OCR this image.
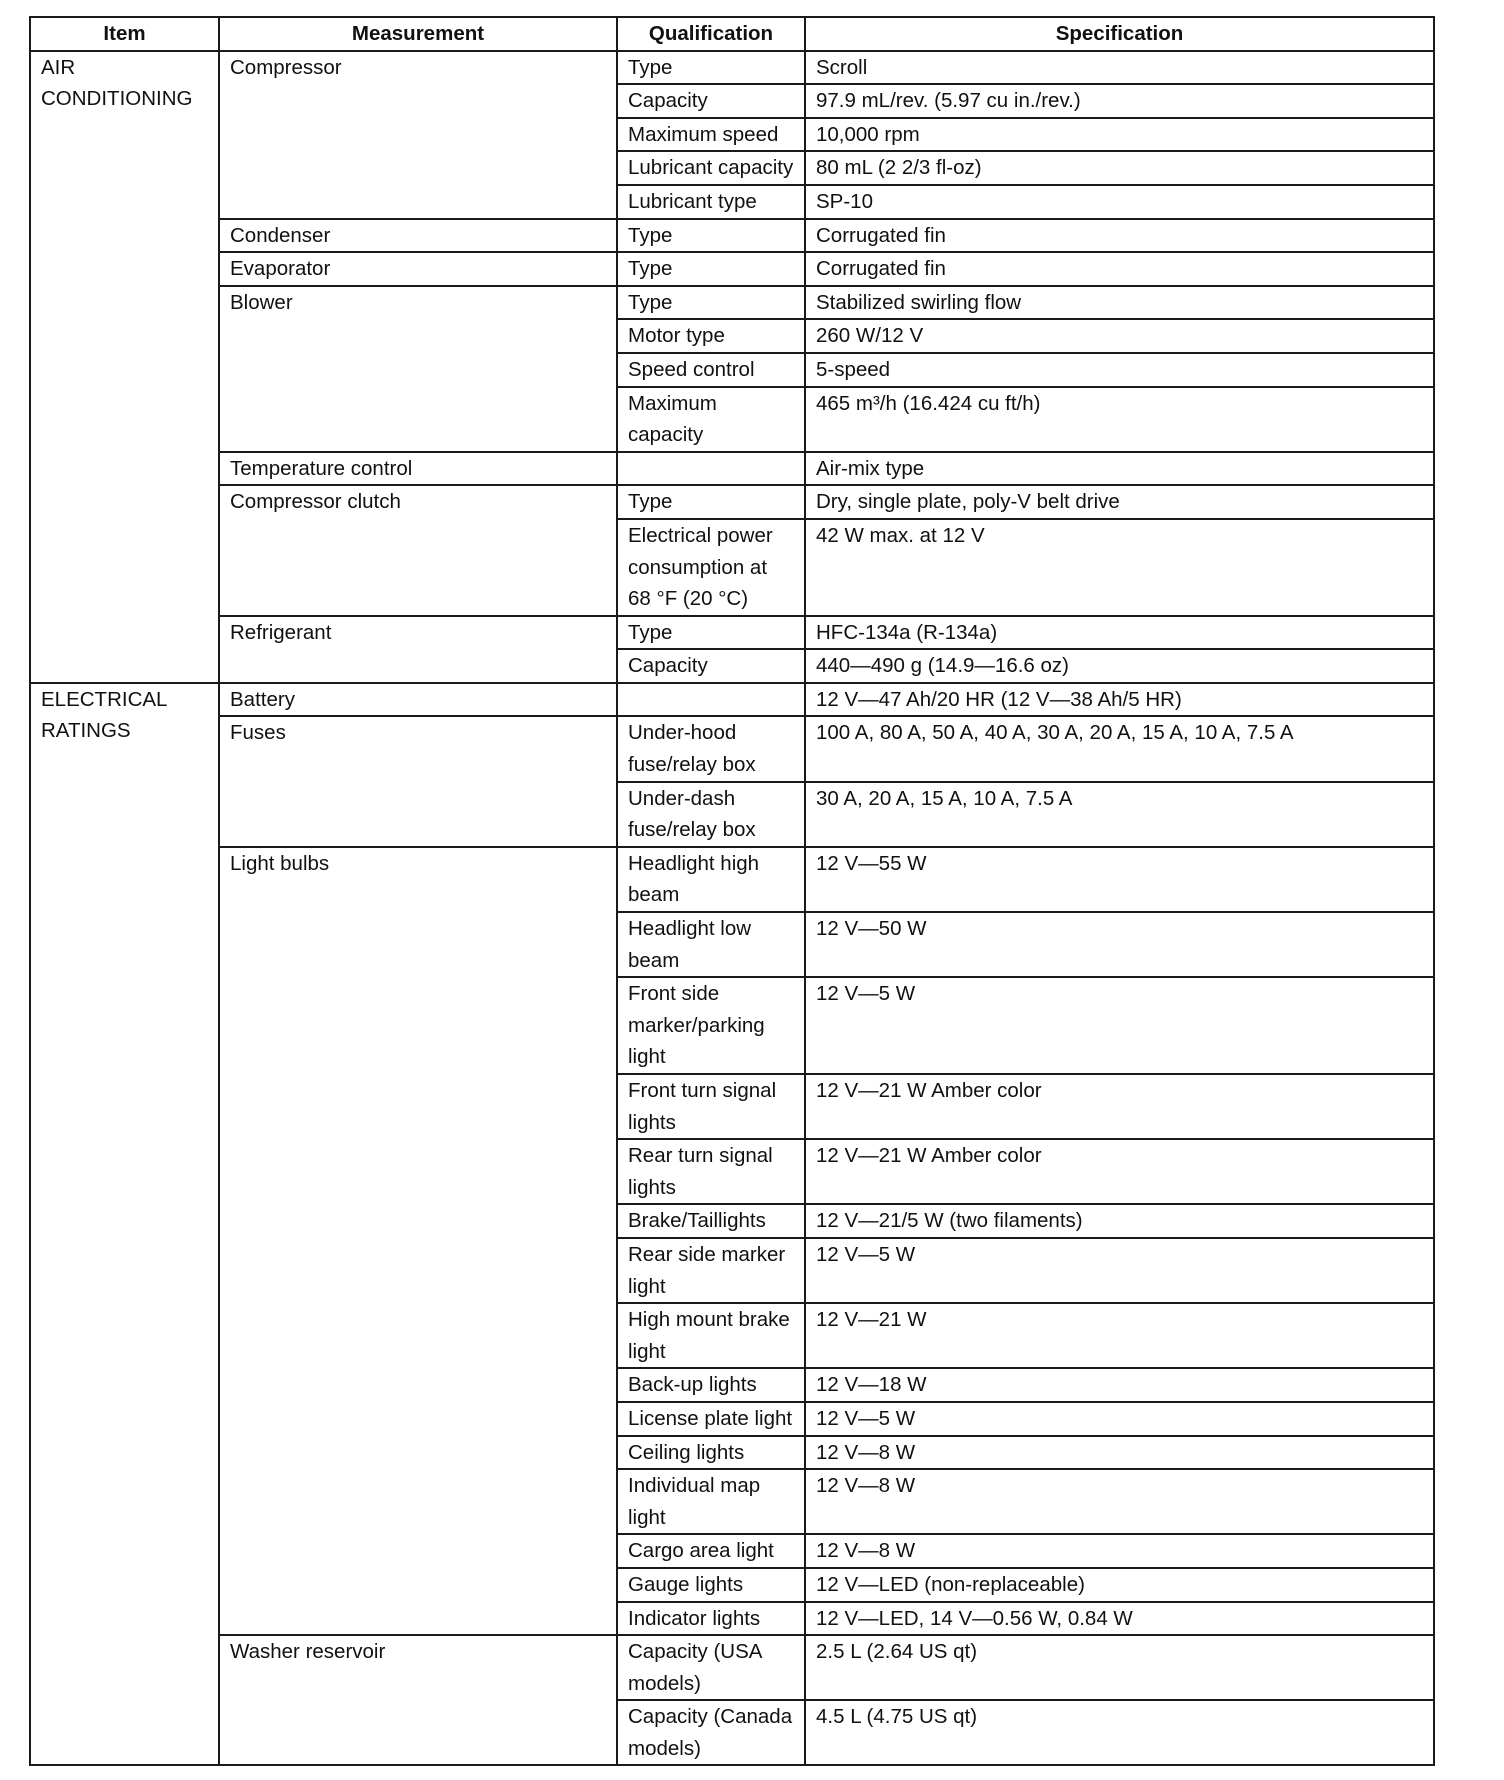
Item	Measurement	Qualification	Specification
AIR CONDITIONING	Compressor	Type	Scroll
		Capacity	97.9 mL/rev. (5.97 cu in./rev.)
		Maximum speed	10,000 rpm
		Lubricant capacity	80 mL (2 2/3 fl-oz)
		Lubricant type	SP-10
	Condenser	Type	Corrugated fin
	Evaporator	Type	Corrugated fin
	Blower	Type	Stabilized swirling flow
		Motor type	260 W/12 V
		Speed control	5-speed
		Maximum capacity	465 m³/h (16.424 cu ft/h)
	Temperature control		Air-mix type
	Compressor clutch	Type	Dry, single plate, poly-V belt drive
		Electrical power consumption at 68 °F (20 °C)	42 W max. at 12 V
	Refrigerant	Type	HFC-134a (R-134a)
		Capacity	440—490 g (14.9—16.6 oz)
ELECTRICAL RATINGS	Battery		12 V—47 Ah/20 HR (12 V—38 Ah/5 HR)
	Fuses	Under-hood fuse/relay box	100 A, 80 A, 50 A, 40 A, 30 A, 20 A, 15 A, 10 A, 7.5 A
		Under-dash fuse/relay box	30 A, 20 A, 15 A, 10 A, 7.5 A
	Light bulbs	Headlight high beam	12 V—55 W
		Headlight low beam	12 V—50 W
		Front side marker/parking light	12 V—5 W
		Front turn signal lights	12 V—21 W Amber color
		Rear turn signal lights	12 V—21 W Amber color
		Brake/Taillights	12 V—21/5 W (two filaments)
		Rear side marker light	12 V—5 W
		High mount brake light	12 V—21 W
		Back-up lights	12 V—18 W
		License plate light	12 V—5 W
		Ceiling lights	12 V—8 W
		Individual map light	12 V—8 W
		Cargo area light	12 V—8 W
		Gauge lights	12 V—LED (non-replaceable)
		Indicator lights	12 V—LED, 14 V—0.56 W, 0.84 W
	Washer reservoir	Capacity (USA models)	2.5 L (2.64 US qt)
		Capacity (Canada models)	4.5 L (4.75 US qt)
